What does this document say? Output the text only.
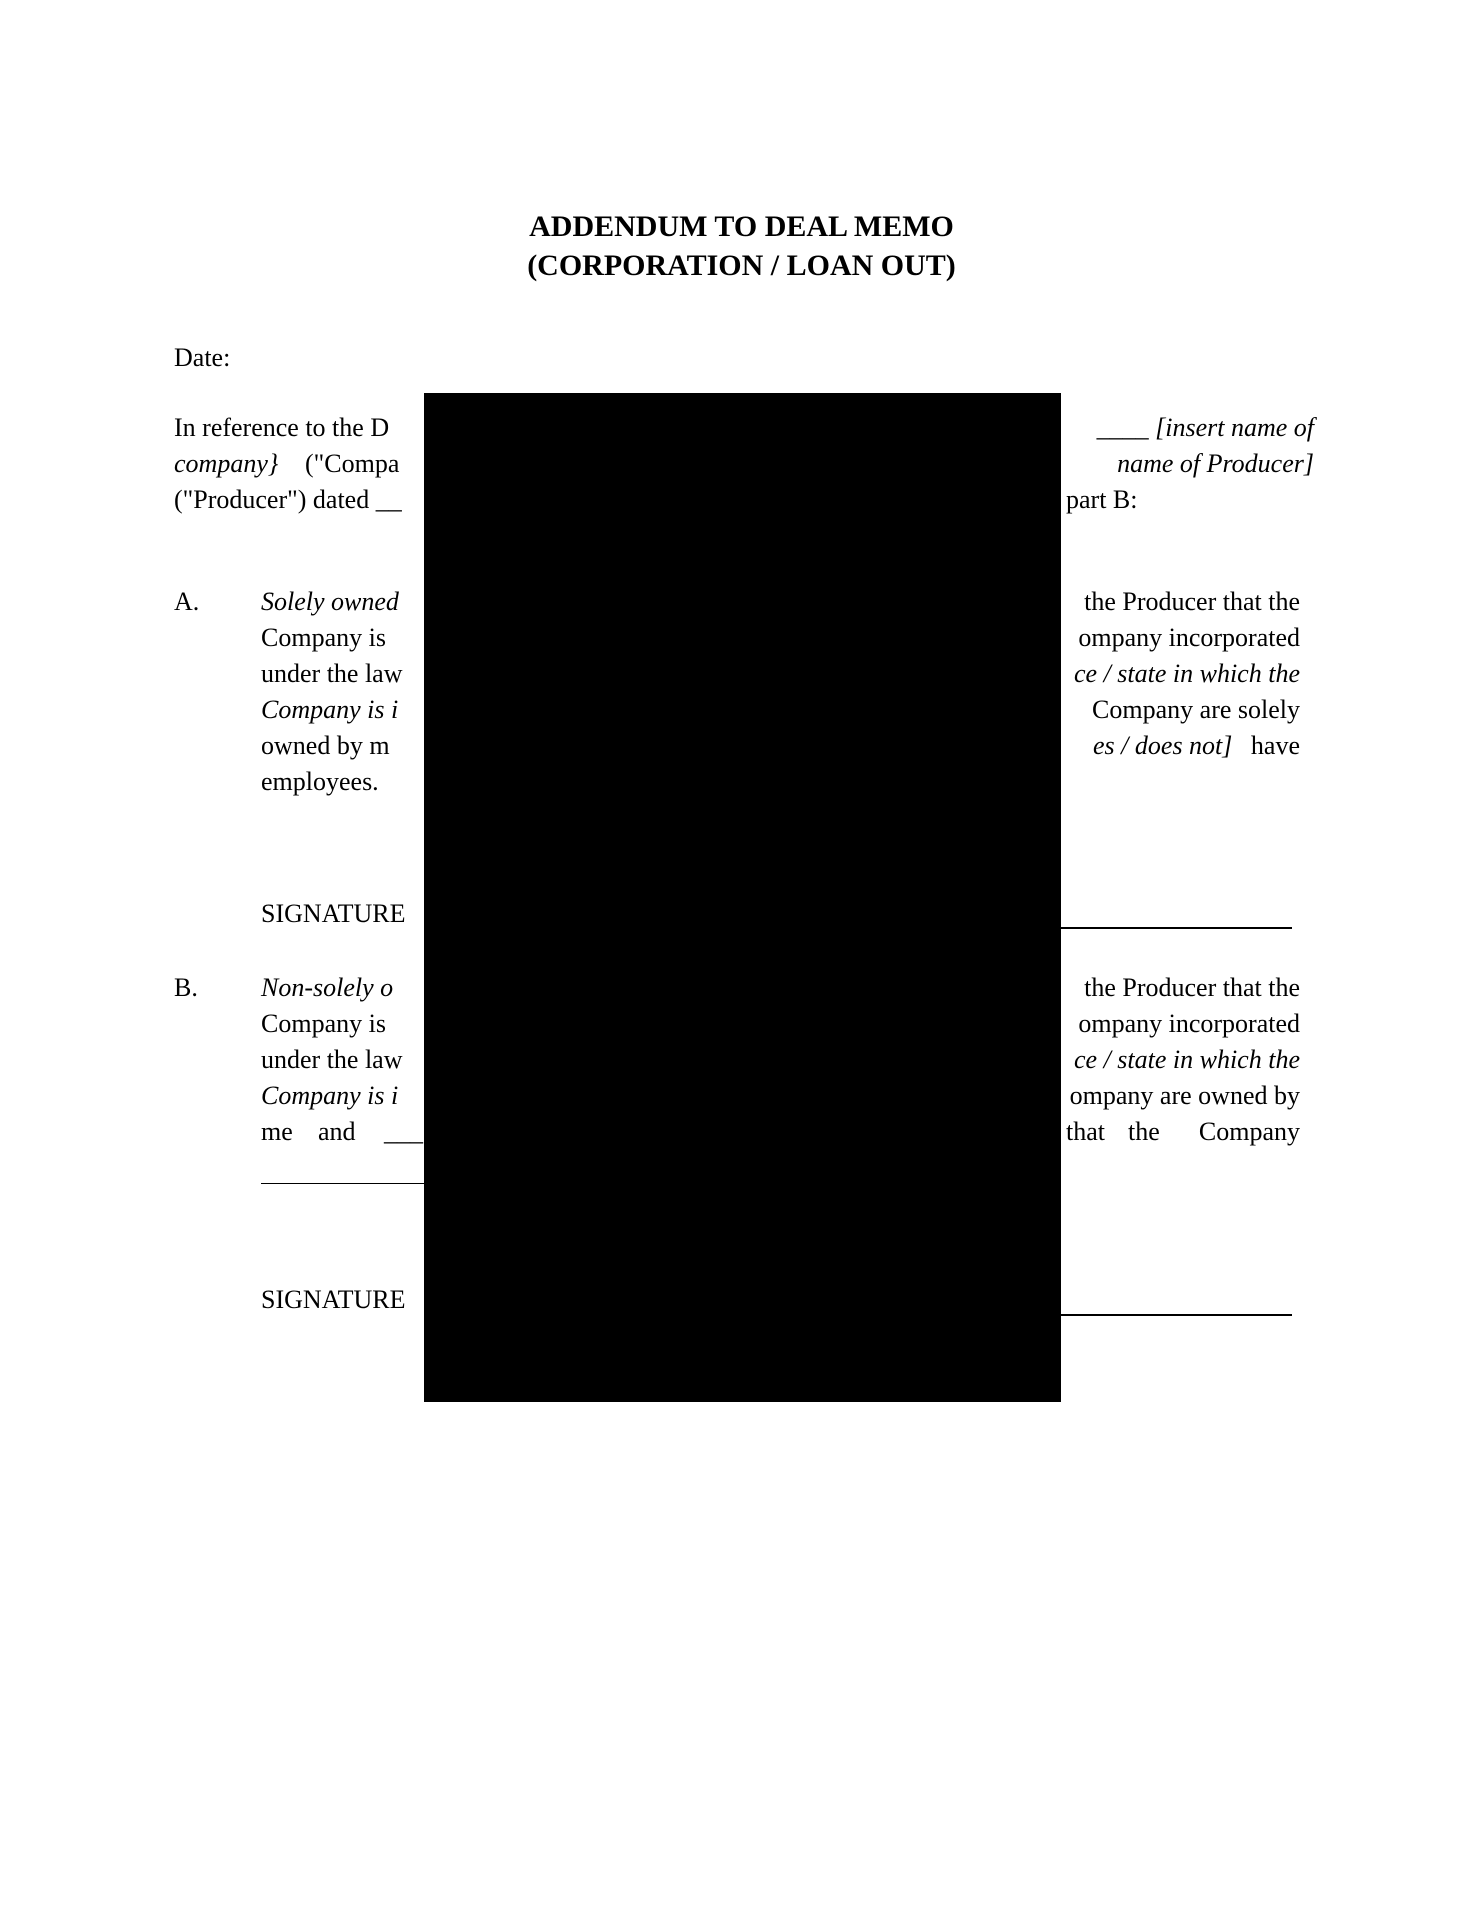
ADDENDUM TO DEAL MEMO
(CORPORATION / LOAN OUT)
Date:
In reference to the D	____ [insert name of
company} ("Compa	name of Producer]
("Producer") dated __	part B:
A. Solely owned	the Producer that the
Company is	ompany incorporated
under the law	ce / state in which the
Company is i	Company are solely
owned by m	es / does not] have
employees.
SIGNATURE
B. Non-solely o	the Producer that the
Company is	ompany incorporated
under the law	ce / state in which the
Company is i	ompany are owned by
me and ___	that the Company
SIGNATURE
